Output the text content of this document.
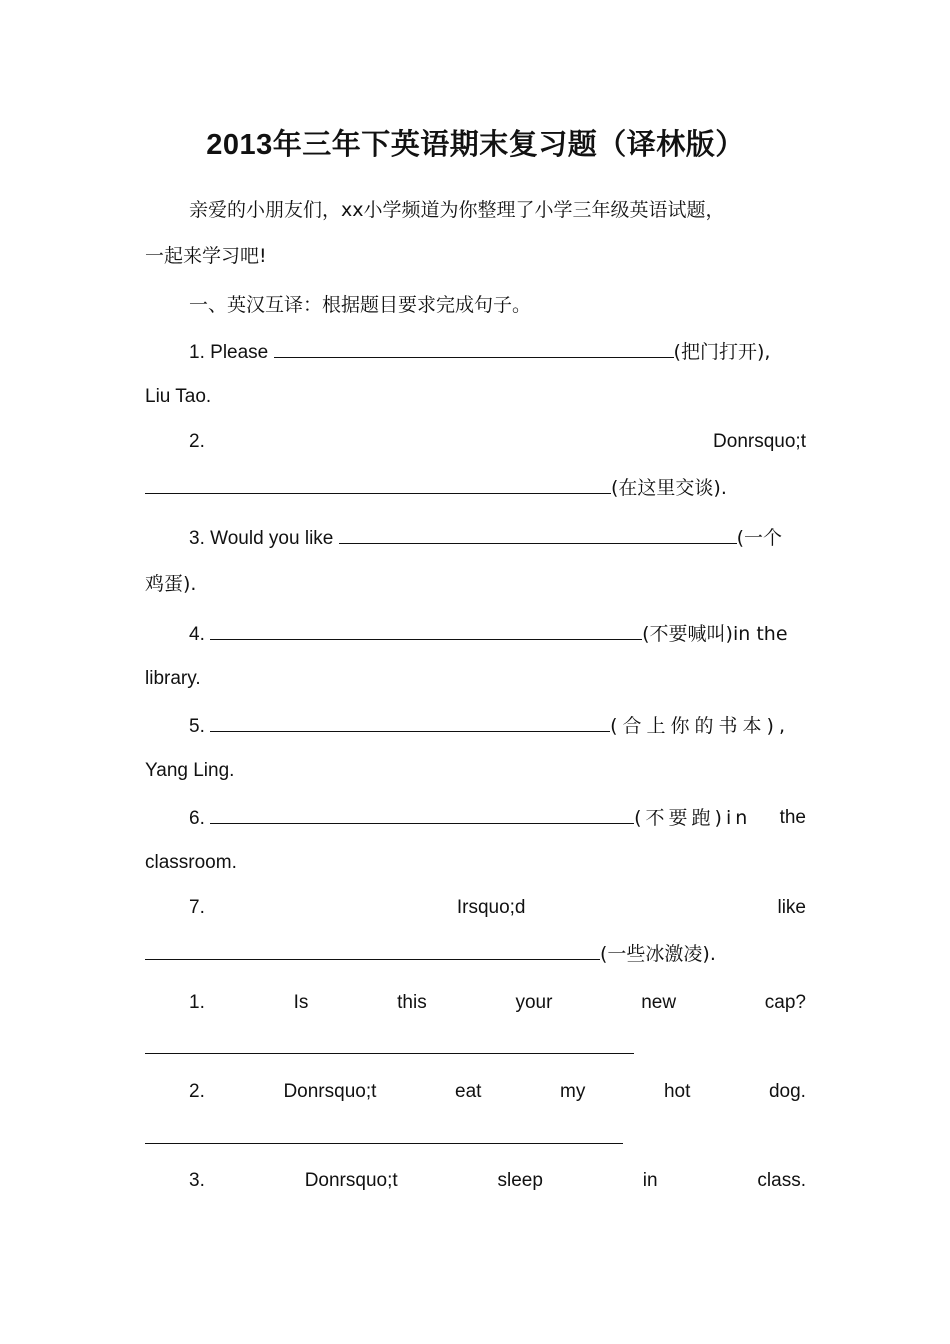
2013年三年下英语期末复习题（译林版）
亲爱的小朋友们，xx小学频道为你整理了小学三年级英语试题，
一起来学习吧!
一、英汉互译：根据题目要求完成句子。
1. Please	(把门打开),
Liu Tao.
2.	Donrsquo;t
(在这里交谈).
3. Would you like	(一个
鸡蛋).
4.	(不要喊叫)in the
library.
5.	(合上你的书本),
Yang Ling.
6.	(不要跑)in the
classroom.
7.	Irsquo;d	like
(一些冰激凌).
1.	Is	this	your	new	cap?
2.	Donrsquo;t	eat	my	hot	dog.
3.	Donrsquo;t	sleep	in	class.
